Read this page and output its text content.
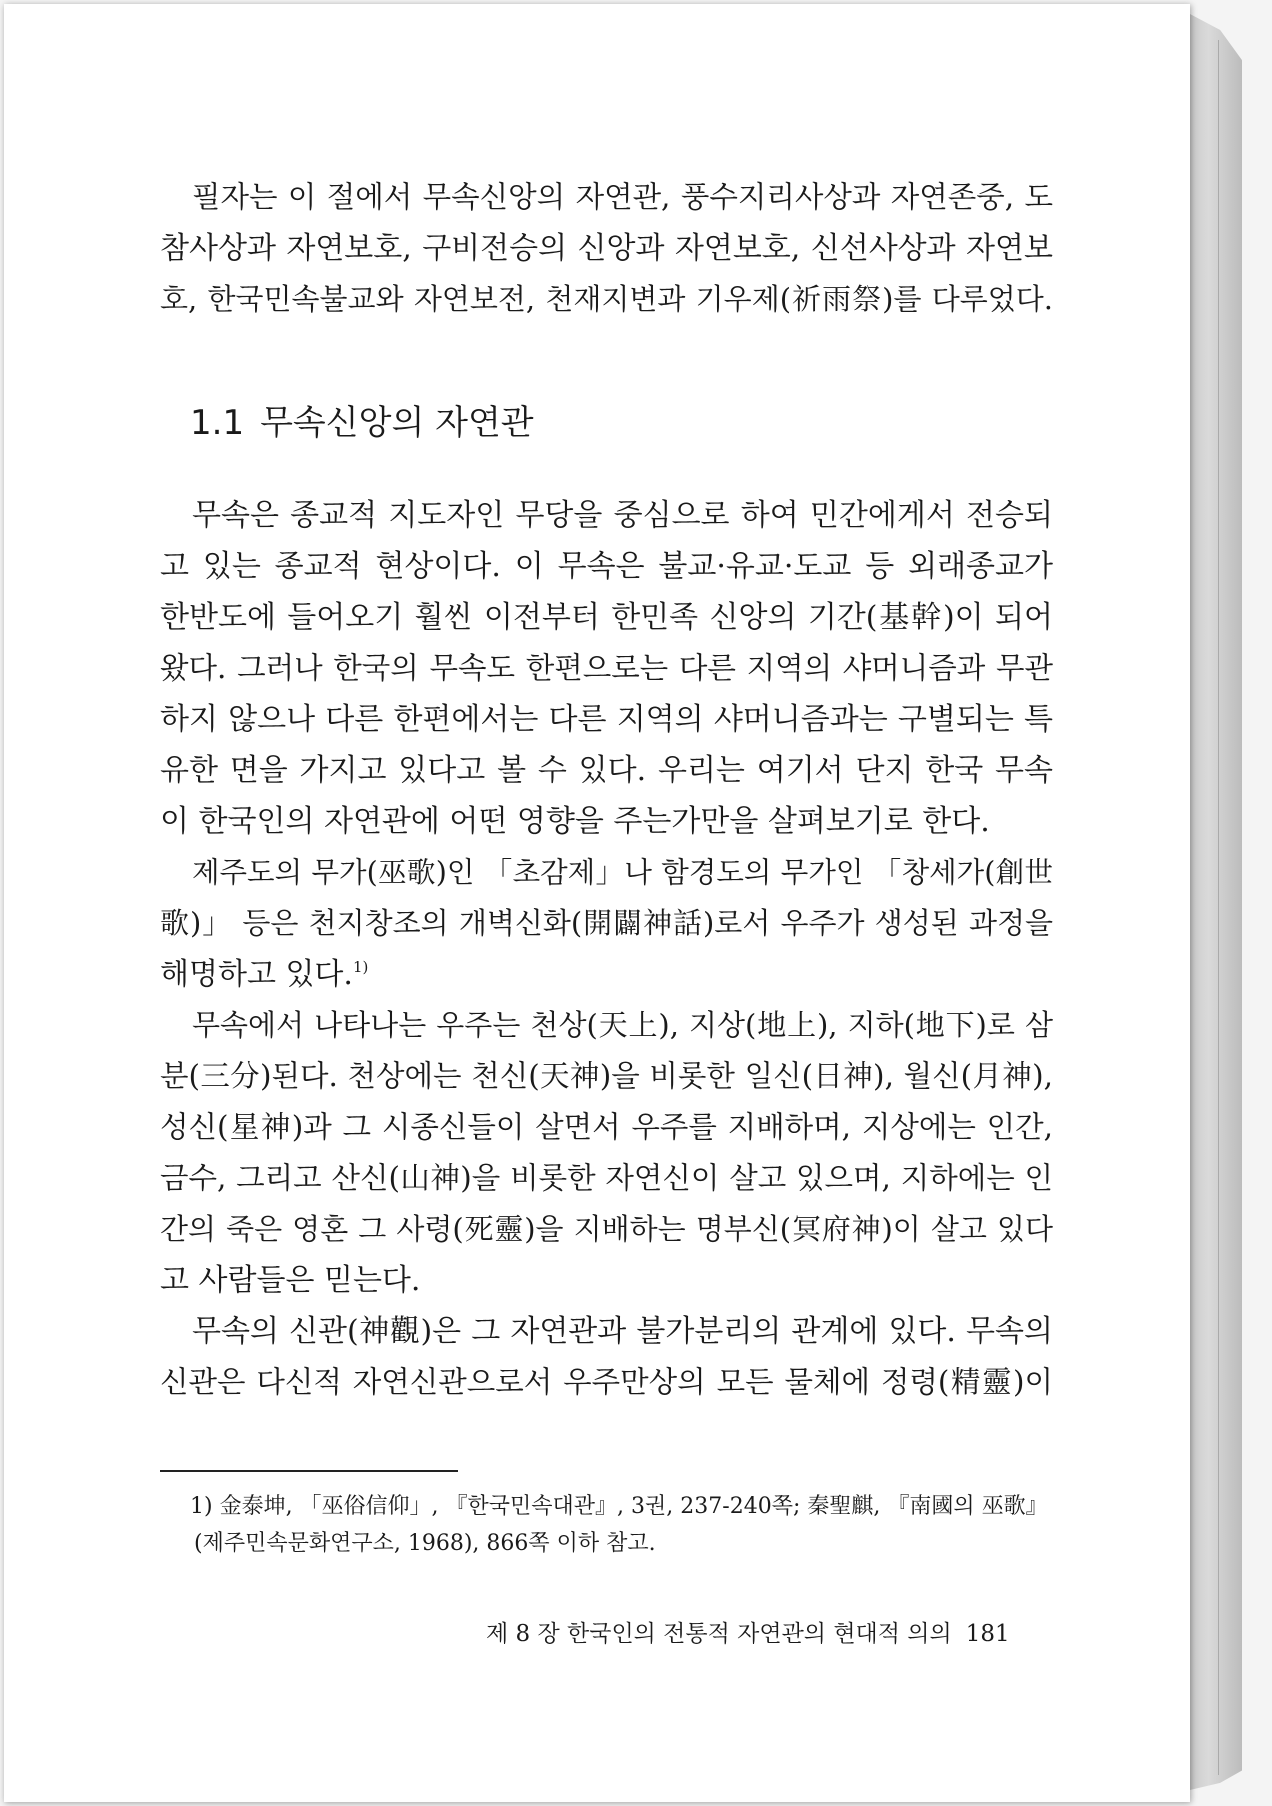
필자는 이 절에서 무속신앙의 자연관, 풍수지리사상과 자연존중, 도
참사상과 자연보호, 구비전승의 신앙과 자연보호, 신선사상과 자연보
호, 한국민속불교와 자연보전, 천재지변과 기우제(祈雨祭)를 다루었다.
1.1 무속신앙의 자연관
무속은 종교적 지도자인 무당을 중심으로 하여 민간에게서 전승되
고 있는 종교적 현상이다. 이 무속은 불교·유교·도교 등 외래종교가
한반도에 들어오기 훨씬 이전부터 한민족 신앙의 기간(基幹)이 되어
왔다. 그러나 한국의 무속도 한편으로는 다른 지역의 샤머니즘과 무관
하지 않으나 다른 한편에서는 다른 지역의 샤머니즘과는 구별되는 특
유한 면을 가지고 있다고 볼 수 있다. 우리는 여기서 단지 한국 무속
이 한국인의 자연관에 어떤 영향을 주는가만을 살펴보기로 한다.
제주도의 무가(巫歌)인 「초감제」나 함경도의 무가인 「창세가(創世
歌)」 등은 천지창조의 개벽신화(開闢神話)로서 우주가 생성된 과정을
해명하고 있다.$^{1)}$
무속에서 나타나는 우주는 천상(天上), 지상(地上), 지하(地下)로 삼
분(三分)된다. 천상에는 천신(天神)을 비롯한 일신(日神), 월신(月神),
성신(星神)과 그 시종신들이 살면서 우주를 지배하며, 지상에는 인간,
금수, 그리고 산신(山神)을 비롯한 자연신이 살고 있으며, 지하에는 인
간의 죽은 영혼 그 사령(死靈)을 지배하는 명부신(冥府神)이 살고 있다
고 사람들은 믿는다.
무속의 신관(神觀)은 그 자연관과 불가분리의 관계에 있다. 무속의
신관은 다신적 자연신관으로서 우주만상의 모든 물체에 정령(精靈)이
1) 金泰坤, 「巫俗信仰」, 『한국민속대관』, 3권, 237-240쪽; 秦聖麒, 『南國의 巫歌』
(제주민속문화연구소, 1968), 866쪽 이하 참고.
제 8 장 한국인의 전통적 자연관의 현대적 의의 181
